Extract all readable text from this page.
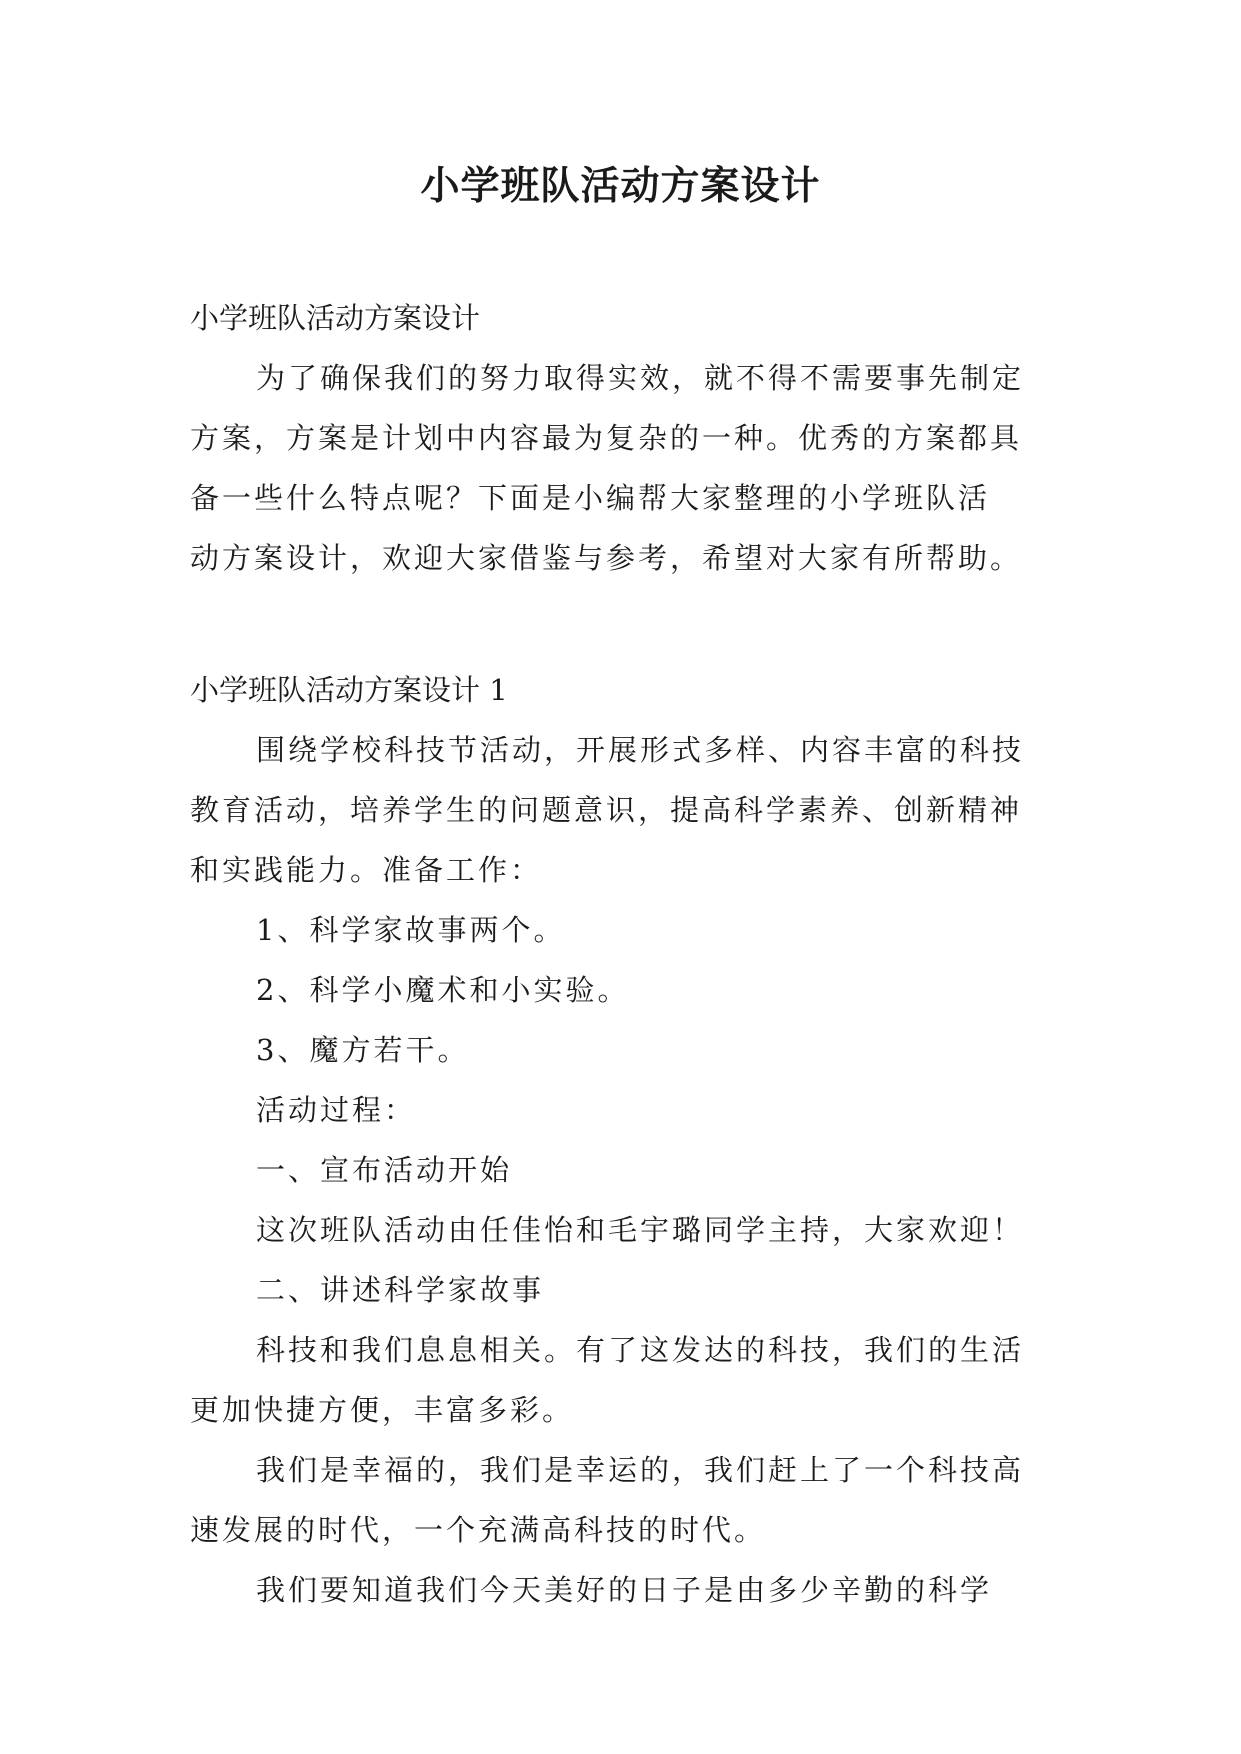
小学班队活动方案设计

小学班队活动方案设计

为了确保我们的努力取得实效，就不得不需要事先制定

方案，方案是计划中内容最为复杂的一种。优秀的方案都具

备一些什么特点呢？下面是小编帮大家整理的小学班队活

动方案设计，欢迎大家借鉴与参考，希望对大家有所帮助。

小学班队活动方案设计 1

围绕学校科技节活动，开展形式多样、内容丰富的科技

教育活动，培养学生的问题意识，提高科学素养、创新精神

和实践能力。准备工作：

1、科学家故事两个。

2、科学小魔术和小实验。

3、魔方若干。

活动过程：

一、宣布活动开始

这次班队活动由任佳怡和毛宇璐同学主持，大家欢迎！

二、讲述科学家故事

科技和我们息息相关。有了这发达的科技，我们的生活

更加快捷方便，丰富多彩。

我们是幸福的，我们是幸运的，我们赶上了一个科技高

速发展的时代，一个充满高科技的时代。

我们要知道我们今天美好的日子是由多少辛勤的科学
